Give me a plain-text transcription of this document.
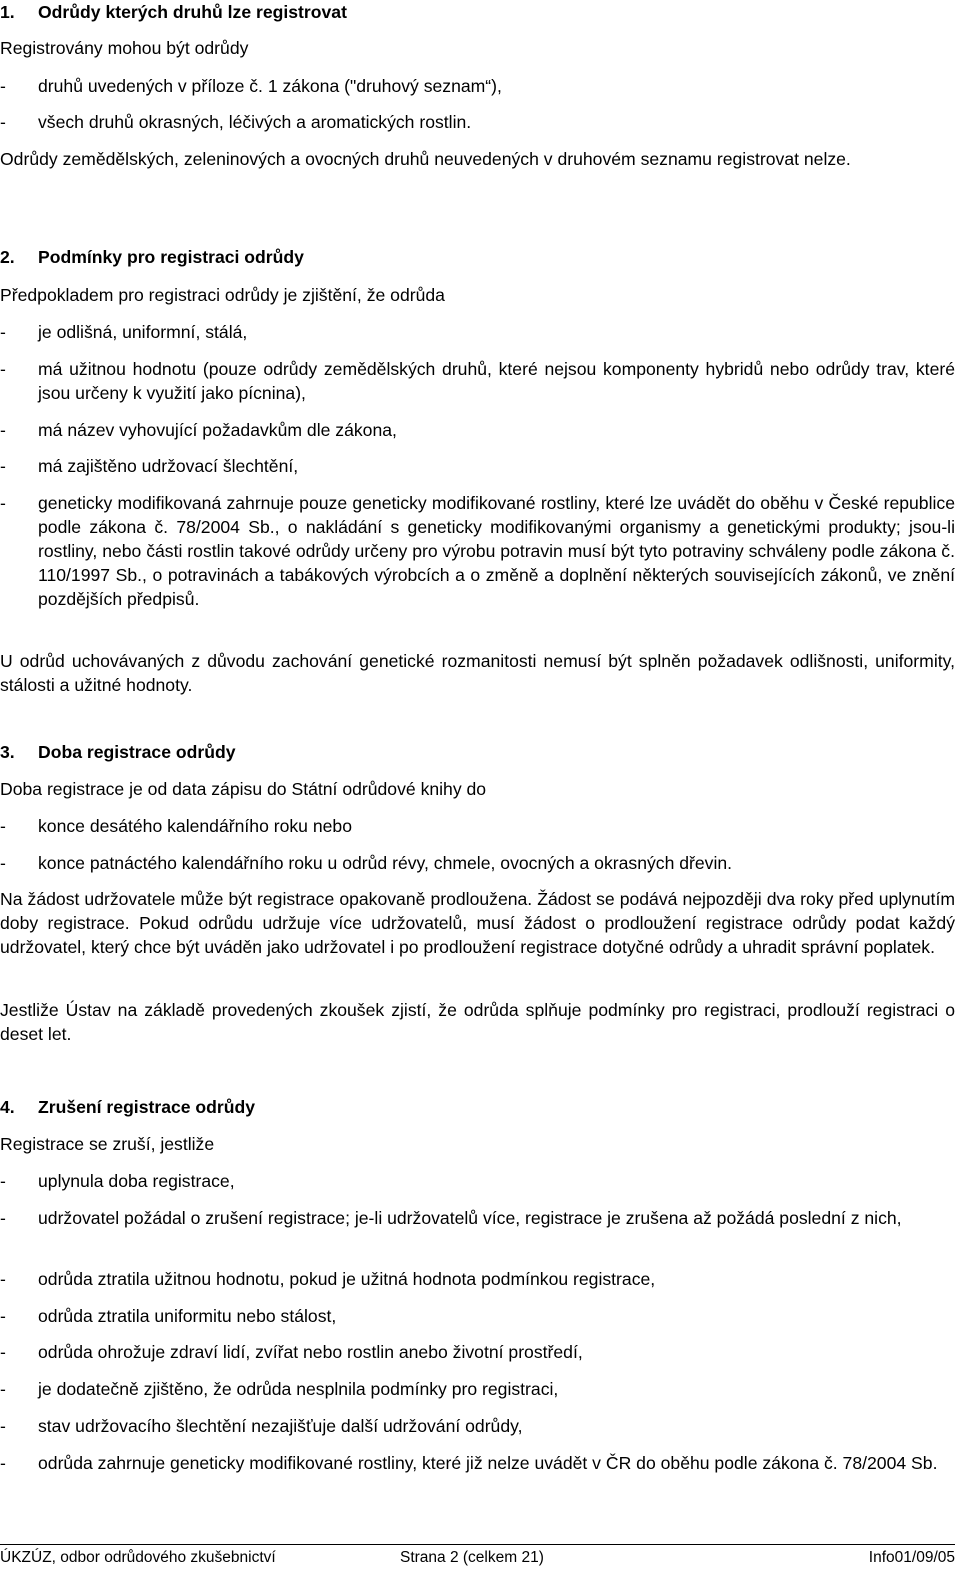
1.	Odrůdy kterých druhů lze registrovat

Registrovány mohou být odrůdy

-	druhů uvedených v příloze č. 1 zákona ("druhový seznam“),
-	všech druhů okrasných, léčivých a aromatických rostlin.

Odrůdy zemědělských, zeleninových a ovocných druhů neuvedených v druhovém seznamu registrovat nelze.

2.	Podmínky pro registraci odrůdy

Předpokladem pro registraci odrůdy je zjištění, že odrůda

-	je odlišná, uniformní, stálá,
-	má užitnou hodnotu (pouze odrůdy zemědělských druhů, které nejsou komponenty hybridů nebo odrůdy trav, které jsou určeny k využití jako pícnina),
-	má název vyhovující požadavkům dle zákona,
-	má zajištěno udržovací šlechtění,
-	geneticky modifikovaná zahrnuje pouze geneticky modifikované rostliny, které lze uvádět do oběhu v České republice podle zákona č. 78/2004 Sb., o nakládání s geneticky modifikovanými organismy a genetickými produkty; jsou-li rostliny, nebo části rostlin takové odrůdy určeny pro výrobu potravin musí být tyto potraviny schváleny podle zákona č. 110/1997 Sb., o potravinách a tabákových výrobcích a o změně a doplnění některých souvisejících zákonů, ve znění pozdějších předpisů.

U odrůd uchovávaných z důvodu zachování genetické rozmanitosti nemusí být splněn požadavek odlišnosti, uniformity, stálosti a užitné hodnoty.

3.	Doba registrace odrůdy

Doba registrace je od data zápisu do Státní odrůdové knihy do

-	konce desátého kalendářního roku nebo
-	konce patnáctého kalendářního roku u odrůd révy, chmele, ovocných a okrasných dřevin.

Na žádost udržovatele může být registrace opakovaně prodloužena. Žádost se podává nejpozději dva roky před uplynutím doby registrace. Pokud odrůdu udržuje více udržovatelů, musí žádost o prodloužení registrace odrůdy podat každý udržovatel, který chce být uváděn jako udržovatel i po prodloužení registrace dotyčné odrůdy a uhradit správní poplatek.

Jestliže Ústav na základě provedených zkoušek zjistí, že odrůda splňuje podmínky pro registraci, prodlouží registraci o deset let.

4.	Zrušení registrace odrůdy

Registrace se zruší, jestliže

-	uplynula doba registrace,
-	udržovatel požádal o zrušení registrace; je-li udržovatelů více, registrace je zrušena až požádá poslední z nich,
-	odrůda ztratila užitnou hodnotu, pokud je užitná hodnota podmínkou registrace,
-	odrůda ztratila uniformitu nebo stálost,
-	odrůda ohrožuje zdraví lidí, zvířat nebo rostlin anebo životní prostředí,
-	je dodatečně zjištěno, že odrůda nesplnila podmínky pro registraci,
-	stav udržovacího šlechtění nezajišťuje další udržování odrůdy,
-	odrůda zahrnuje geneticky modifikované rostliny, které již nelze uvádět v ČR do oběhu podle zákona č. 78/2004 Sb.
ÚKZÚZ, odbor odrůdového zkušebnictví	Strana 2 (celkem 21)	Info01/09/05
